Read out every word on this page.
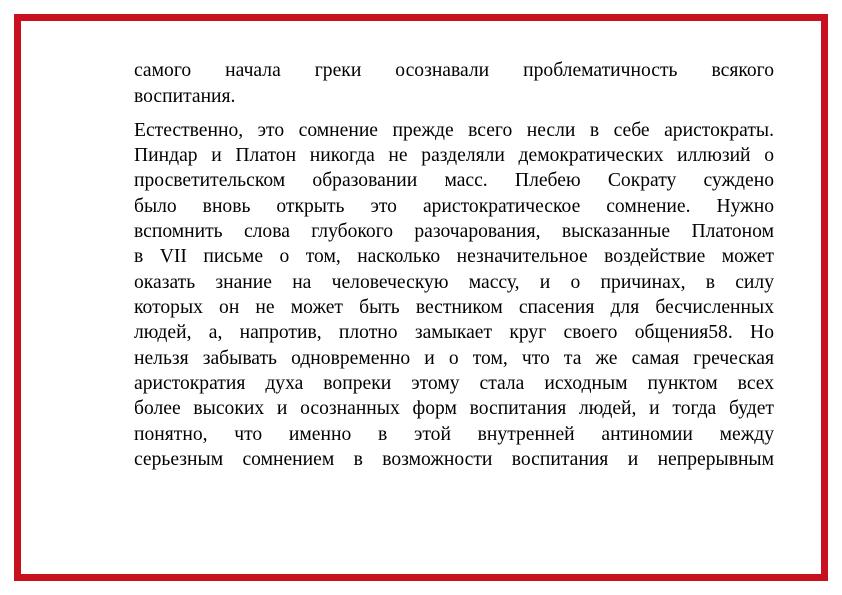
самого начала греки осознавали проблематичность всякого
воспитания.

Естественно, это сомнение прежде всего несли в себе аристократы.
Пиндар и Платон никогда не разделяли демократических иллюзий о
просветительском образовании масс. Плебею Сократу суждено
было вновь открыть это аристократическое сомнение. Нужно
вспомнить слова глубокого разочарования, высказанные Платоном
в VII письме о том, насколько незначительное воздействие может
оказать знание на человеческую массу, и о причинах, в силу
которых он не может быть вестником спасения для бесчисленных
людей, а, напротив, плотно замыкает круг своего общения58. Но
нельзя забывать одновременно и о том, что та же самая греческая
аристократия духа вопреки этому стала исходным пунктом всех
более высоких и осознанных форм воспитания людей, и тогда будет
понятно, что именно в этой внутренней антиномии между
серьезным сомнением в возможности воспитания и непрерывным
